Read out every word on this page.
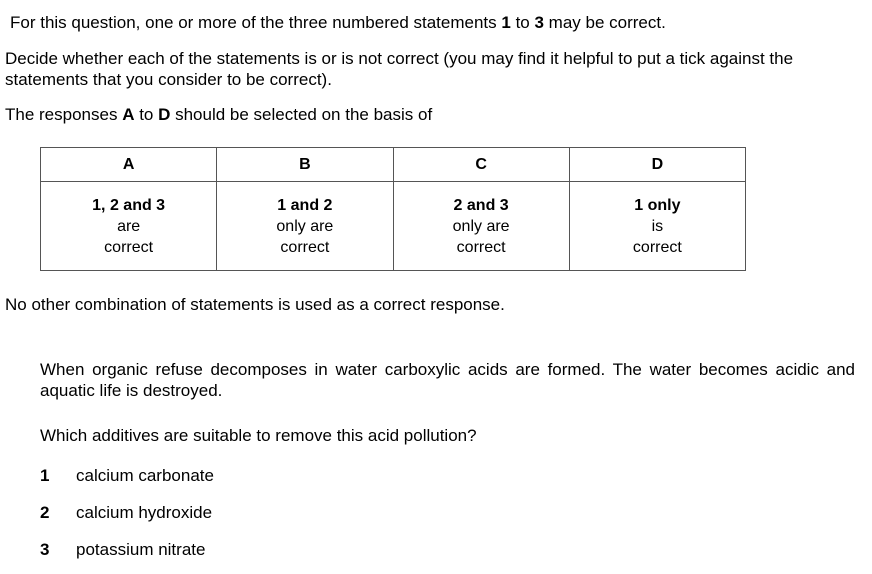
For this question, one or more of the three numbered statements 1 to 3 may be correct.
Decide whether each of the statements is or is not correct (you may find it helpful to put a tick against the statements that you consider to be correct).
The responses A to D should be selected on the basis of
A	B	C	D
1, 2 and 3
are
correct	1 and 2
only are
correct	2 and 3
only are
correct	1 only
is
correct
No other combination of statements is used as a correct response.
When organic refuse decomposes in water carboxylic acids are formed. The water becomes acidic and aquatic life is destroyed.
Which additives are suitable to remove this acid pollution?
1 calcium carbonate
2 calcium hydroxide
3 potassium nitrate
